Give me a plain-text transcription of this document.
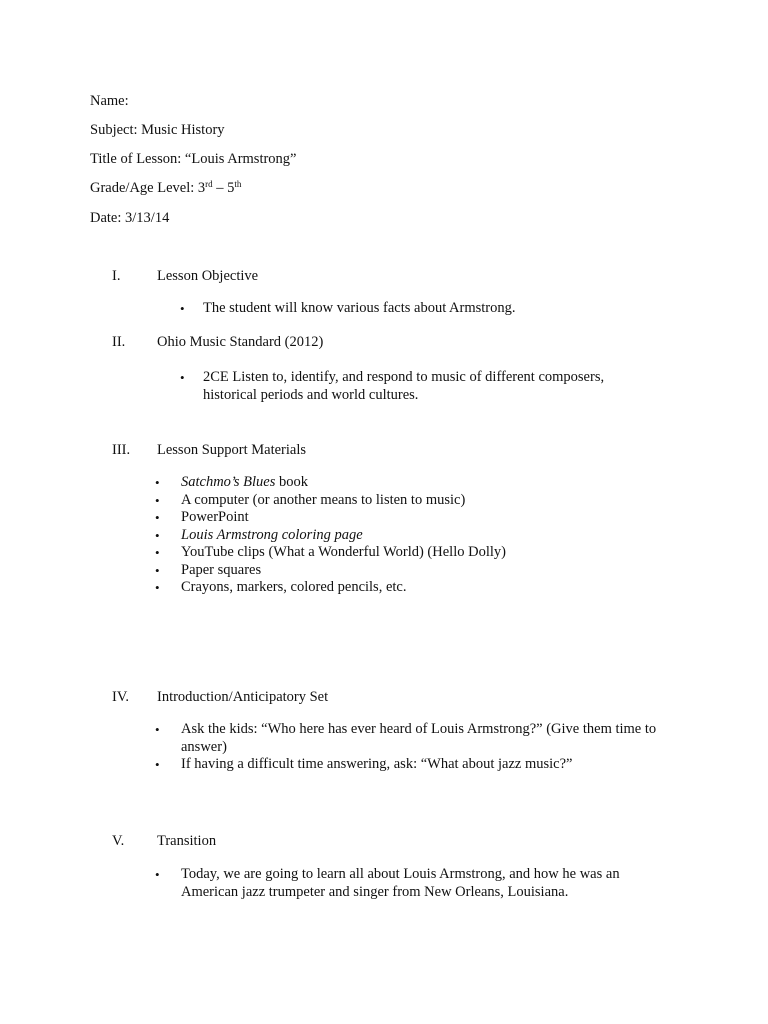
Name:
Subject: Music History
Title of Lesson: “Louis Armstrong”
Grade/Age Level: 3rd – 5th
Date: 3/13/14
I.	Lesson Objective
• The student will know various facts about Armstrong.
II. Ohio Music Standard (2012)
• 2CE Listen to, identify, and respond to music of different composers, historical periods and world cultures.
III. Lesson Support Materials
• Satchmo’s Blues book
• A computer (or another means to listen to music)
• PowerPoint
• Louis Armstrong coloring page
• YouTube clips (What a Wonderful World) (Hello Dolly)
• Paper squares
• Crayons, markers, colored pencils, etc.
IV. Introduction/Anticipatory Set
• Ask the kids: “Who here has ever heard of Louis Armstrong?” (Give them time to answer)
• If having a difficult time answering, ask: “What about jazz music?”
V. Transition
• Today, we are going to learn all about Louis Armstrong, and how he was an American jazz trumpeter and singer from New Orleans, Louisiana.
